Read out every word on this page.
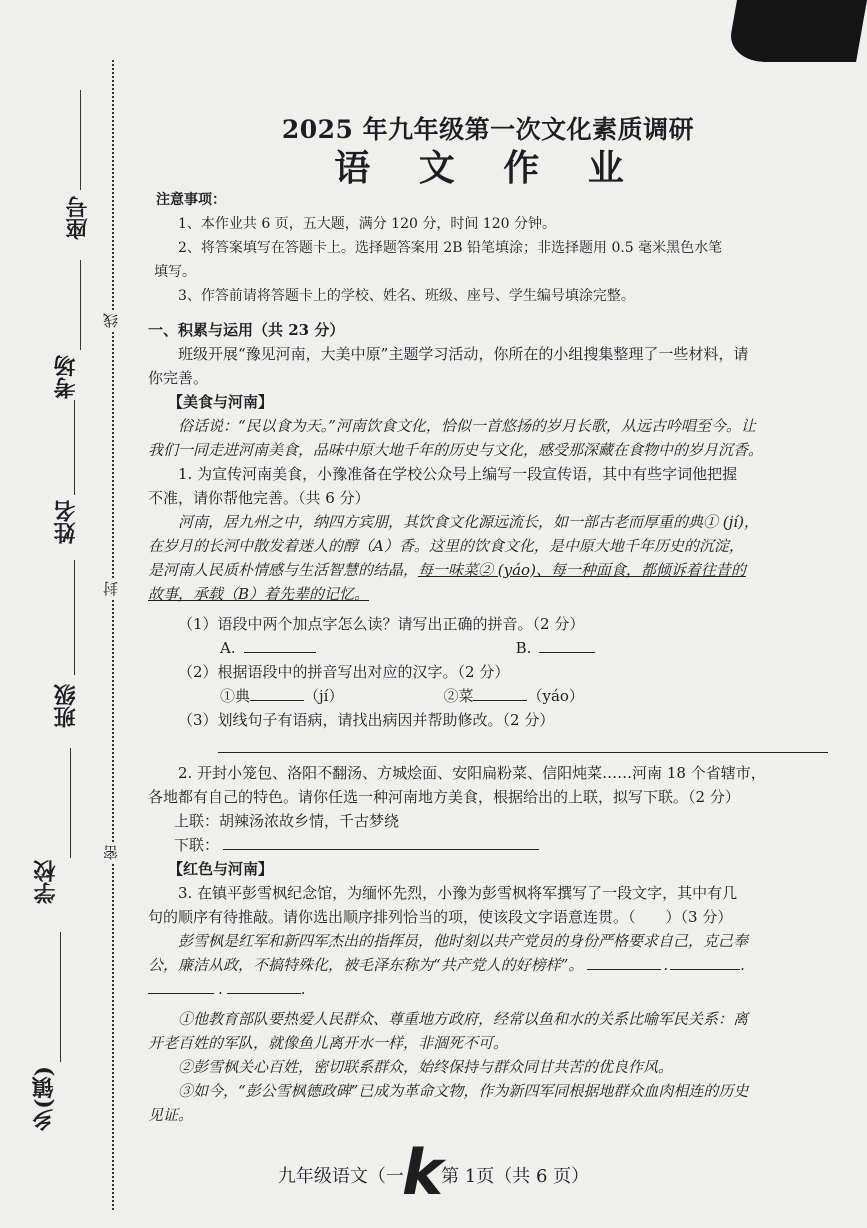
座号
考场
姓名
班级
学校
乡(镇)
线
封
密
2025 年九年级第一次文化素质调研
语 文 作 业

注意事项：

1、本作业共 6 页，五大题，满分 120 分，时间 120 分钟。

2、将答案填写在答题卡上。选择题答案用 2B 铅笔填涂；非选择题用 0.5 毫米黑色水笔

填写。

3、作答前请将答题卡上的学校、姓名、班级、座号、学生编号填涂完整。

一、积累与运用（共 23 分）

班级开展“豫见河南，大美中原”主题学习活动，你所在的小组搜集整理了一些材料，请

你完善。

【美食与河南】

俗话说：“民以食为天。”河南饮食文化，恰似一首悠扬的岁月长歌，从远古吟唱至今。让

我们一同走进河南美食，品味中原大地千年的历史与文化，感受那深藏在食物中的岁月沉香。

1. 为宣传河南美食，小豫准备在学校公众号上编写一段宣传语，其中有些字词他把握

不准，请你帮他完善。（共 6 分）

河南，居九州之中，纳四方宾朋，其饮食文化源远流长，如一部古老而厚重的典① (jí)，

在岁月的长河中散发着迷人的醇（A）香。这里的饮食文化，是中原大地千年历史的沉淀，

是河南人民质朴情感与生活智慧的结晶，每一味菜② (yáo)、每一种面食，都倾诉着往昔的

故事，承载（B）着先辈的记忆。

（1）语段中两个加点字怎么读？请写出正确的拼音。（2 分）

A.	B.

（2）根据语段中的拼音写出对应的汉字。（2 分）

①典	（jí）	②菜	（yáo）

（3）划线句子有语病，请找出病因并帮助修改。（2 分）

2. 开封小笼包、洛阳不翻汤、方城烩面、安阳扁粉菜、信阳炖菜……河南 18 个省辖市，

各地都有自己的特色。请你任选一种河南地方美食，根据给出的上联，拟写下联。（2 分）

上联：胡辣汤浓故乡情，千古梦绕

下联：

【红色与河南】

3. 在镇平彭雪枫纪念馆，为缅怀先烈，小豫为彭雪枫将军撰写了一段文字，其中有几

句的顺序有待推敲。请你选出顺序排列恰当的项，使该段文字语意连贯。（　　）（3 分）

彭雪枫是红军和新四军杰出的指挥员，他时刻以共产党员的身份严格要求自己，克己奉

公，廉洁从政，不搞特殊化，被毛泽东称为“共产党人的好榜样”。	.	.
.	.

①他教育部队要热爱人民群众、尊重地方政府，经常以鱼和水的关系比喻军民关系：离

开老百姓的军队，就像鱼儿离开水一样，非涸死不可。

②彭雪枫关心百姓，密切联系群众，始终保持与群众同甘共苦的优良作风。

③如今，“彭公雪枫德政碑”已成为革命文物，作为新四军同根据地群众血肉相连的历史

见证。

九年级语文（一k第 1页（共 6 页）
